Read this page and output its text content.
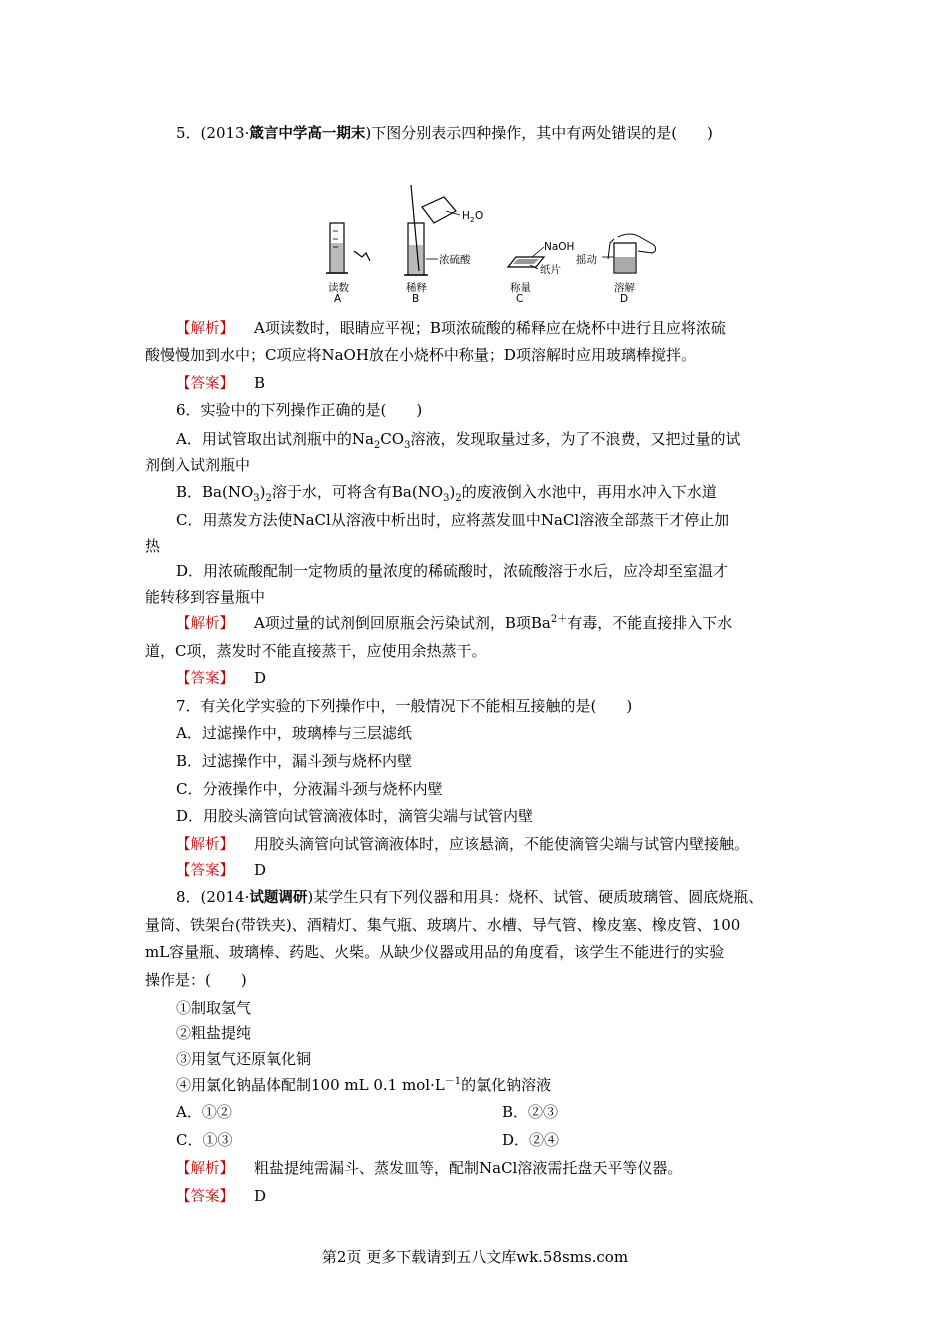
5．(2013·箴言中学高一期末)下图分别表示四种操作，其中有两处错误的是(　　)
读数
A
H 2 O
浓硫酸
稀释
B
NaOH
纸片
称量
C
摇动
溶解
D
【解析】 A项读数时，眼睛应平视；B项浓硫酸的稀释应在烧杯中进行且应将浓硫
酸慢慢加到水中；C项应将NaOH放在小烧杯中称量；D项溶解时应用玻璃棒搅拌。
【答案】 B
6．实验中的下列操作正确的是(　　)
A．用试管取出试剂瓶中的$Na_2CO_3$溶液，发现取量过多，为了不浪费，又把过量的试
剂倒入试剂瓶中
B．$Ba(NO_3)_2$溶于水，可将含有$Ba(NO_3)_2$的废液倒入水池中，再用水冲入下水道
C．用蒸发方法使NaCl从溶液中析出时，应将蒸发皿中NaCl溶液全部蒸干才停止加
热
D．用浓硫酸配制一定物质的量浓度的稀硫酸时，浓硫酸溶于水后，应冷却至室温才
能转移到容量瓶中
【解析】 A项过量的试剂倒回原瓶会污染试剂，B项$Ba^{2+}$有毒，不能直接排入下水
道，C项，蒸发时不能直接蒸干，应使用余热蒸干。
【答案】 D
7．有关化学实验的下列操作中，一般情况下不能相互接触的是(　　)
A．过滤操作中，玻璃棒与三层滤纸
B．过滤操作中，漏斗颈与烧杯内壁
C．分液操作中，分液漏斗颈与烧杯内壁
D．用胶头滴管向试管滴液体时，滴管尖端与试管内壁
【解析】 用胶头滴管向试管滴液体时，应该悬滴，不能使滴管尖端与试管内壁接触。
【答案】 D
8．(2014·试题调研)某学生只有下列仪器和用具：烧杯、试管、硬质玻璃管、圆底烧瓶、
量筒、铁架台(带铁夹)、酒精灯、集气瓶、玻璃片、水槽、导气管、橡皮塞、橡皮管、100
mL容量瓶、玻璃棒、药匙、火柴。从缺少仪器或用品的角度看，该学生不能进行的实验
操作是：(　　)
①制取氢气
②粗盐提纯
③用氢气还原氧化铜
④用氯化钠晶体配制100 mL 0.1 $mol\cdot L^{-1}$的氯化钠溶液
A．①②	B．②③
C．①③	D．②④
【解析】 粗盐提纯需漏斗、蒸发皿等，配制NaCl溶液需托盘天平等仪器。
【答案】 D
第2页 更多下载请到五八文库wk.58sms.com
